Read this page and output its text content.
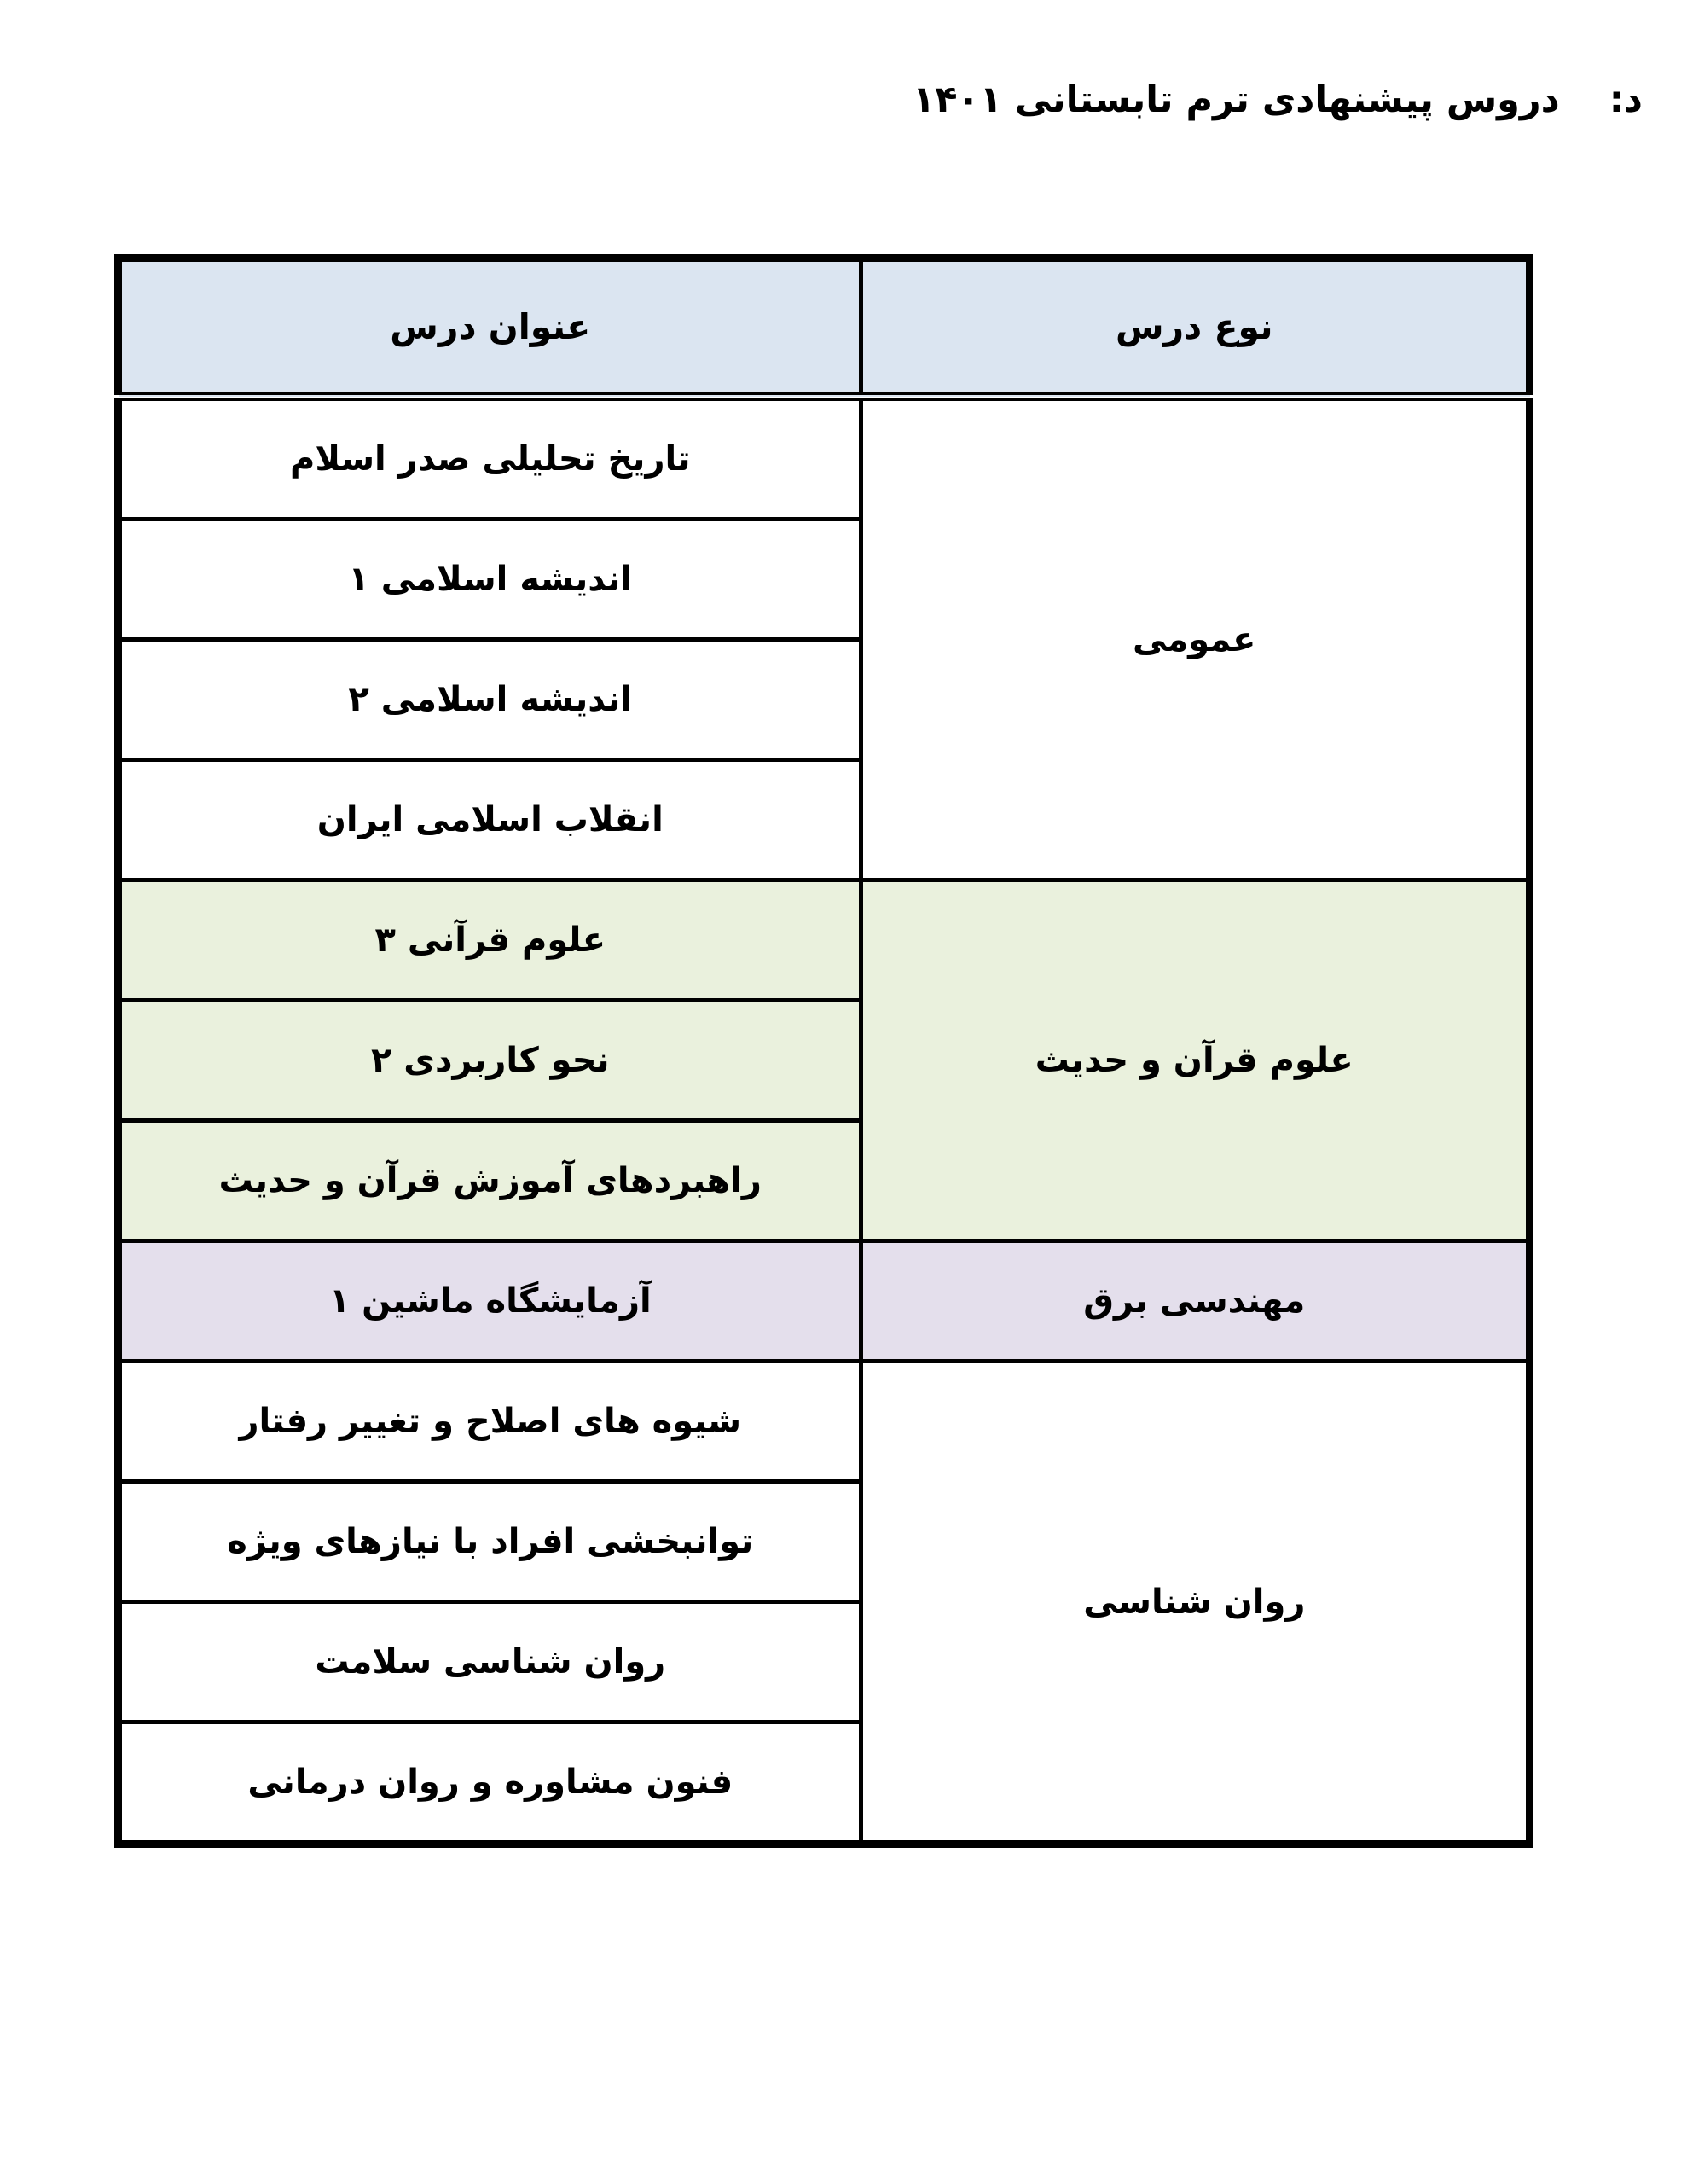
د:دروس پیشنهادی ترم تابستانی ۱۴۰۱
نوع درس	عنوان درس
عمومی	تاریخ تحلیلی صدر اسلام
	اندیشه اسلامی ۱
	اندیشه اسلامی ۲
	انقلاب اسلامی ایران
علوم قرآن و حدیث	علوم قرآنی ۳
	نحو کاربردی ۲
	راهبردهای آموزش قرآن و حدیث
مهندسی برق	آزمایشگاه ماشین ۱
روان شناسی	شیوه های اصلاح و تغییر رفتار
	توانبخشی افراد با نیازهای ویژه
	روان شناسی سلامت
	فنون مشاوره و روان درمانی
